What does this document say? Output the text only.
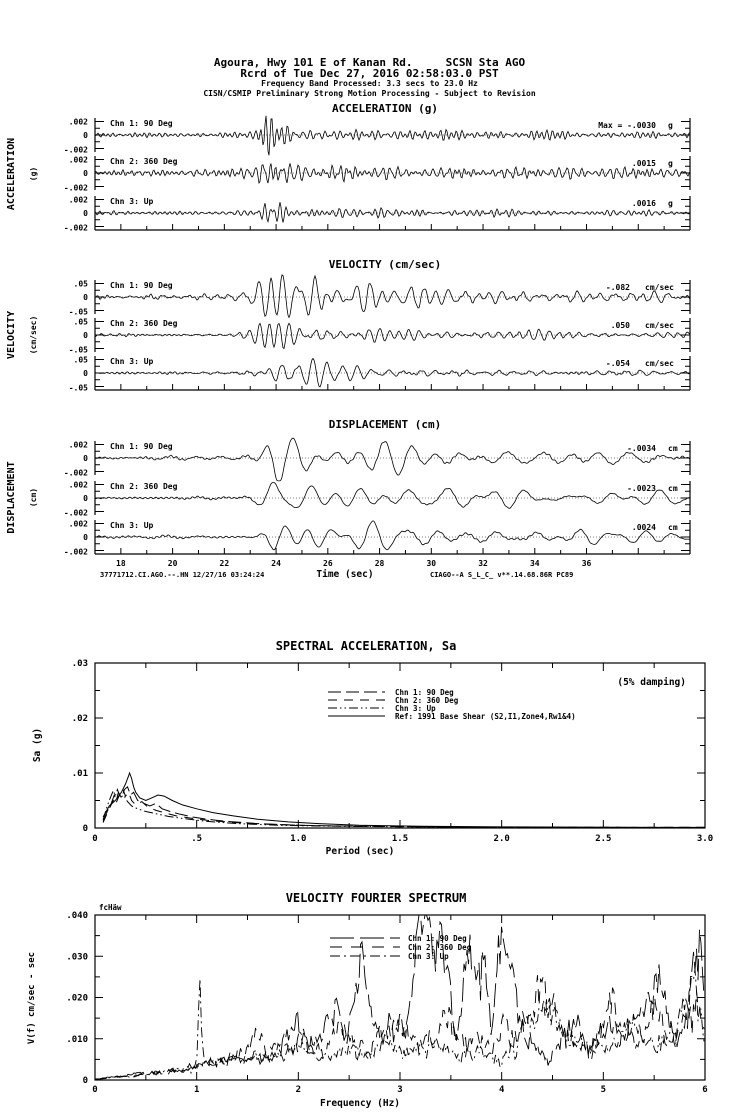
Agoura, Hwy 101 E of Kanan Rd.     SCSN Sta AGO
Rcrd of Tue Dec 27, 2016 02:58:03.0 PST
Frequency Band Processed: 3.3 secs to 23.0 Hz
CISN/CSMIP Preliminary Strong Motion Processing - Subject to Revision
ACCELERATION (g)
ACCELERATION (g)
.002
0
-.002
Chn 1: 90 Deg	Max = -.0030 g
.002
0
-.002
Chn 2: 360 Deg	.0015 g
.002
0
-.002
Chn 3: Up	.0016 g
VELOCITY (cm/sec)
VELOCITY (cm/sec)
.05
0
-.05
Chn 1: 90 Deg	-.082 cm/sec
.05
0
-.05
Chn 2: 360 Deg	.050 cm/sec
.05
0
-.05
Chn 3: Up	-.054 cm/sec
DISPLACEMENT (cm)
DISPLACEMENT (cm)
.002
0
-.002
Chn 1: 90 Deg	-.0034 cm
.002
0
-.002
Chn 2: 360 Deg	-.0023 cm
.002
0
-.002
Chn 3: Up	.0024 cm
18	20	22	24	26	28	30	32	34	36
Time (sec)
37771712.CI.AGO.--.HN 12/27/16 03:24:24	CIAGO--A S_L_C_ v**.14.68.86R PC89
SPECTRAL ACCELERATION, Sa
0
.01
.02
.03
0	.5	1.0	1.5	2.0	2.5	3.0
Sa (g)
Period (sec)
(5% damping)
Chn 1: 90 Deg
Chn 2: 360 Deg
Chn 3: Up
Ref: 1991 Base Shear (S2,I1,Zone4,Rw1&4)
VELOCITY FOURIER SPECTRUM
fcHäw
0
.010
.020
.030
.040
0	1	2	3	4	5	6
V(f) cm/sec - sec
Frequency (Hz)
Chn 1: 90 Deg
Chn 2: 360 Deg
Chn 3: Up
